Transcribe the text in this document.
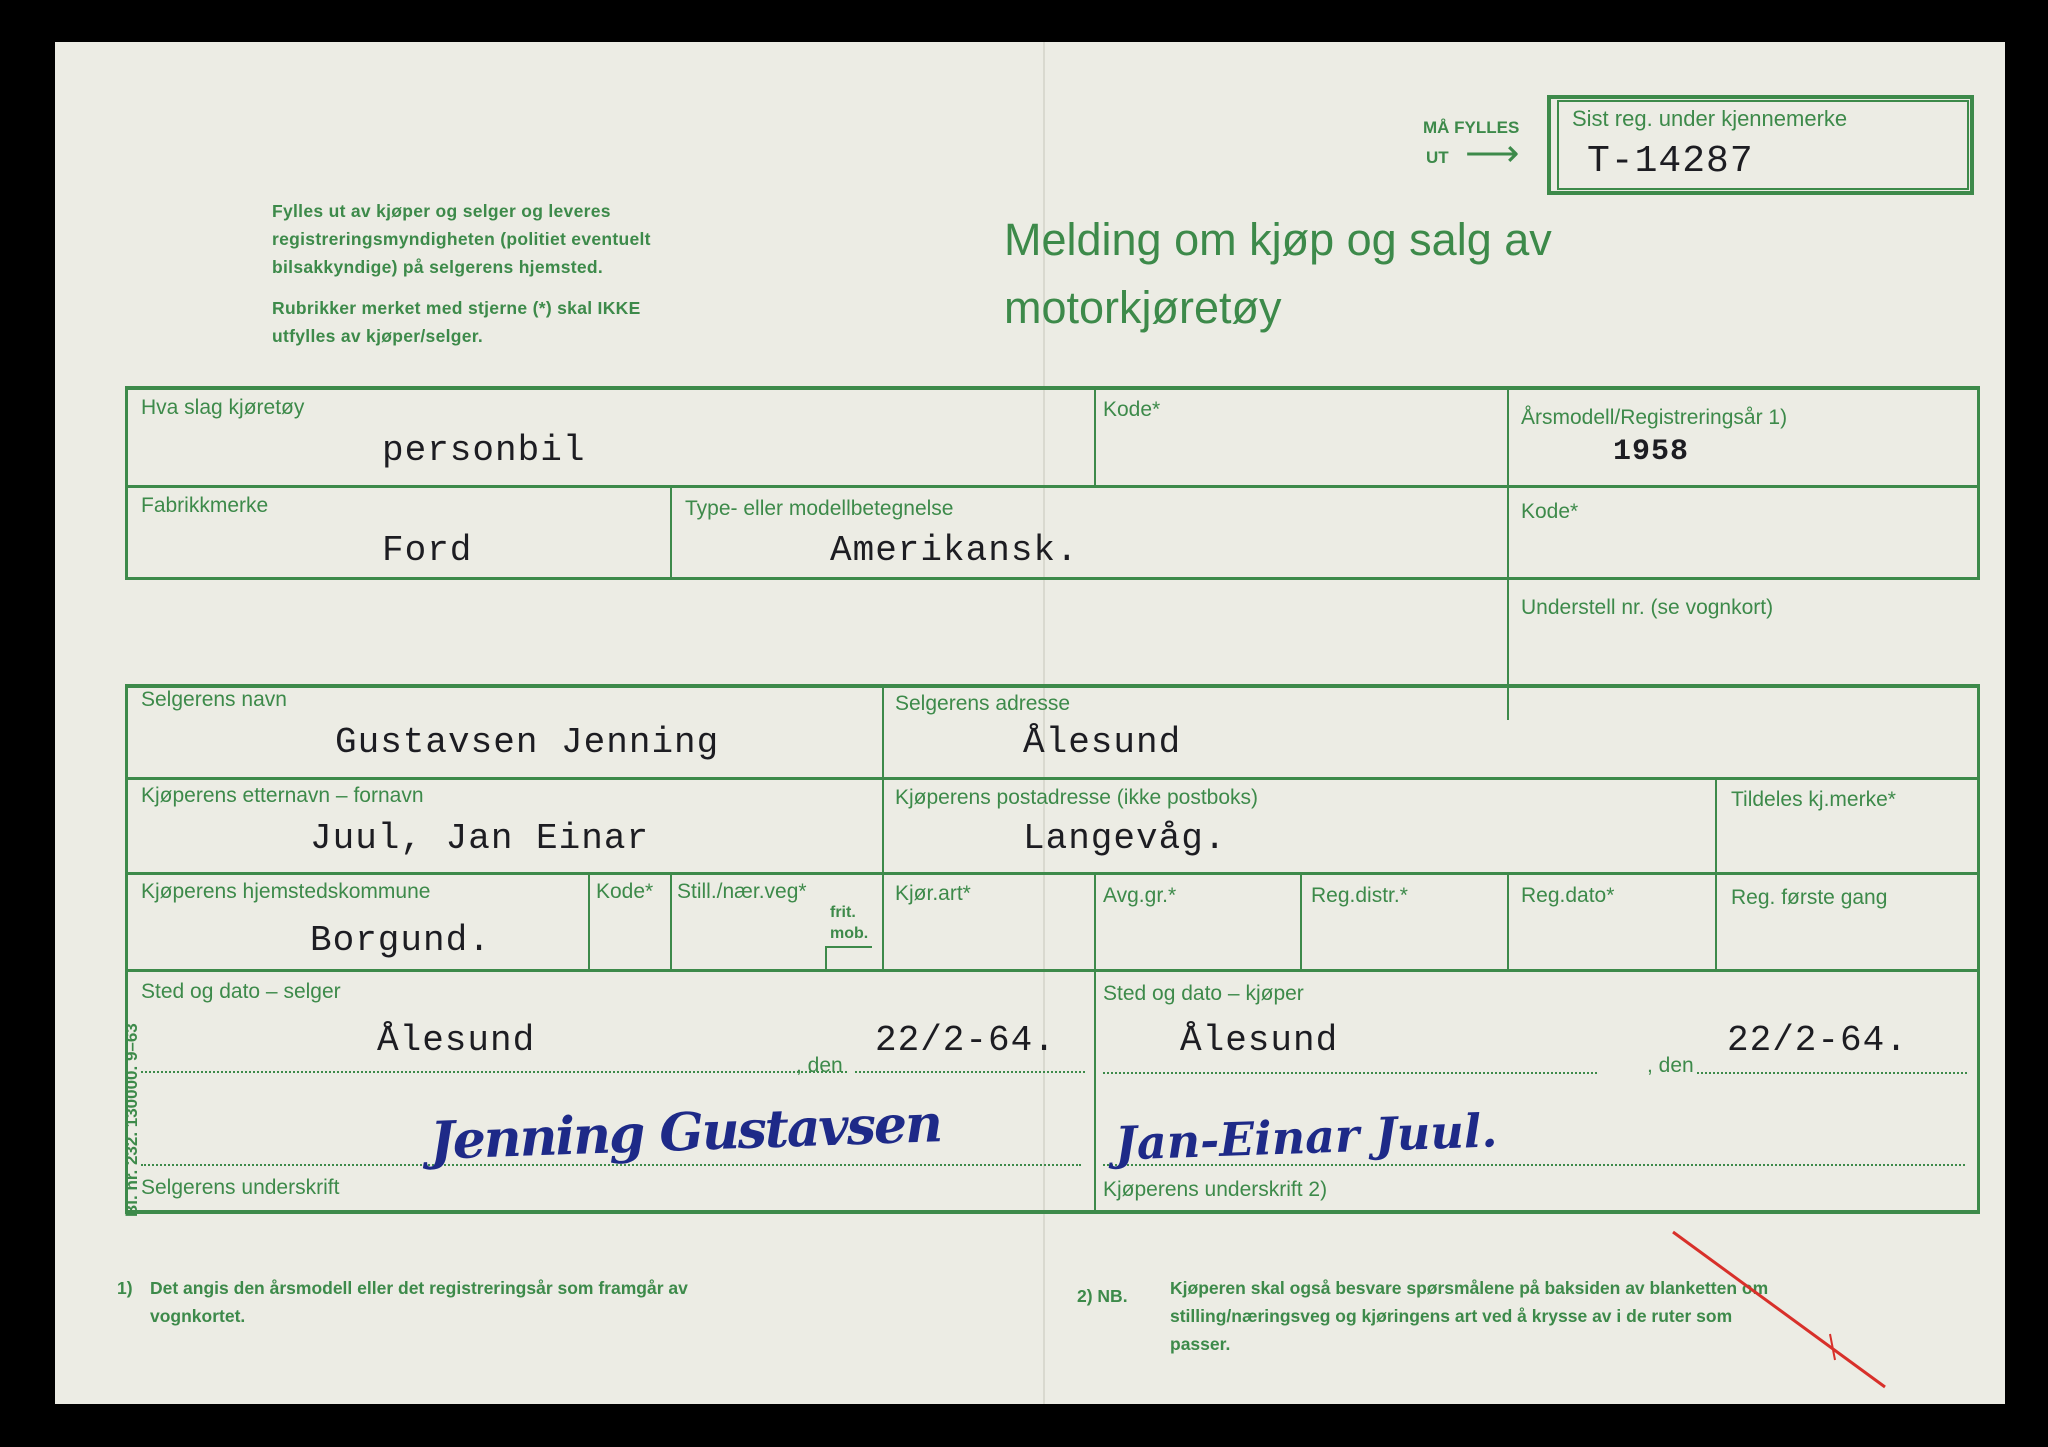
Fylles ut av kjøper og selger og leveres registreringsmyndigheten (politiet eventuelt bilsakkyndige) på selgerens hjemsted.
Rubrikker merket med stjerne (*) skal IKKE utfylles av kjøper/selger.
Melding om kjøp og salg av
motorkjøretøy
MÅ FYLLES
UT ⟶
Sist reg. under kjennemerke
T-14287
Hva slag kjøretøy
personbil
Kode*	Årsmodell/Registreringsår 1)
1958
Fabrikkmerke
Ford
Type- eller modellbetegnelse
Amerikansk.
Kode*
Understell nr. (se vognkort)
Selgerens navn
Gustavsen Jenning
Selgerens adresse
Ålesund
Kjøperens etternavn – fornavn
Juul, Jan Einar
Kjøperens postadresse (ikke postboks)
Langevåg.
Tildeles kj.merke*
Kjøperens hjemstedskommune
Borgund.
Kode* Still./nær.veg*
frit.
mob.
Kjør.art*	Avg.gr.*	Reg.distr.*	Reg.dato*	Reg. første gang
Sted og dato – selger
Ålesund	22/2-64.
, den
Sted og dato – kjøper
Ålesund	22/2-64.
, den
Selgerens underskrift	Kjøperens underskrift 2)
Jenning Gustavsen	Jan-Einar Juul.
Bl. nr. 232. 130000. 9–63
1) Det angis den årsmodell eller det registreringsår som framgår av vognkortet.
2) NB. Kjøperen skal også besvare spørsmålene på baksiden av blanketten om stilling/næringsveg og kjøringens art ved å krysse av i de ruter som passer.
